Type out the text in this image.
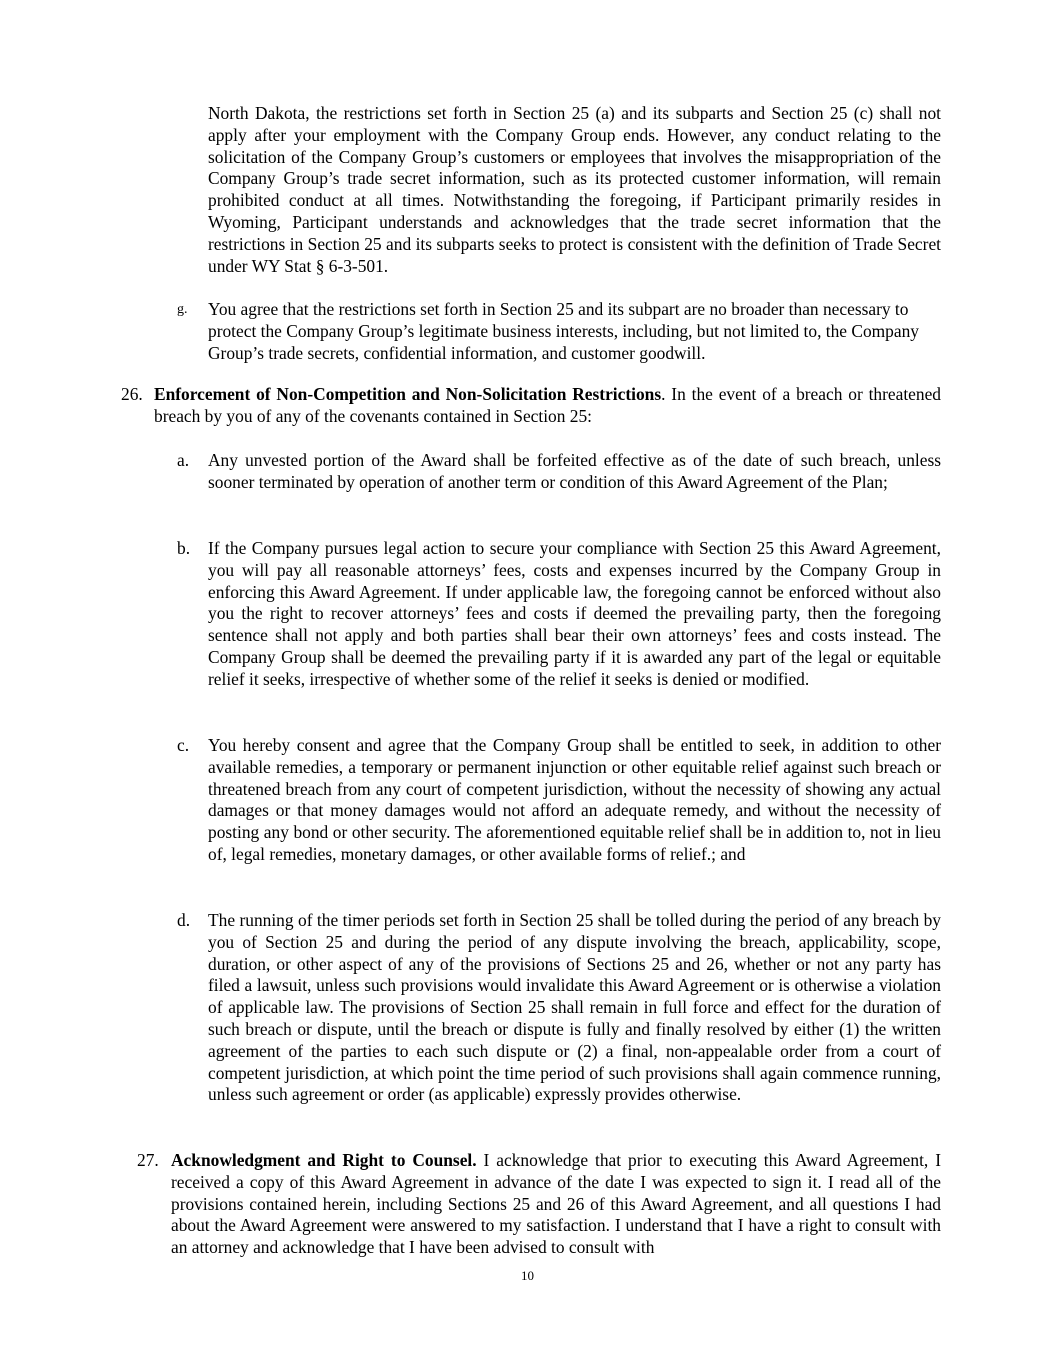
North Dakota, the restrictions set forth in Section 25 (a) and its subparts and Section 25 (c) shall not apply after your employment with the Company Group ends. However, any conduct relating to the solicitation of the Company Group’s customers or employees that involves the misappropriation of the Company Group’s trade secret information, such as its protected customer information, will remain prohibited conduct at all times. Notwithstanding the foregoing, if Participant primarily resides in Wyoming, Participant understands and acknowledges that the trade secret information that the restrictions in Section 25 and its subparts seeks to protect is consistent with the definition of Trade Secret under WY Stat § 6-3-501.

g. You agree that the restrictions set forth in Section 25 and its subpart are no broader than necessary to protect the Company Group’s legitimate business interests, including, but not limited to, the Company Group’s trade secrets, confidential information, and customer goodwill.

26. Enforcement of Non-Competition and Non-Solicitation Restrictions. In the event of a breach or threatened breach by you of any of the covenants contained in Section 25:

a. Any unvested portion of the Award shall be forfeited effective as of the date of such breach, unless sooner terminated by operation of another term or condition of this Award Agreement of the Plan;

b. If the Company pursues legal action to secure your compliance with Section 25 this Award Agreement, you will pay all reasonable attorneys’ fees, costs and expenses incurred by the Company Group in enforcing this Award Agreement. If under applicable law, the foregoing cannot be enforced without also you the right to recover attorneys’ fees and costs if deemed the prevailing party, then the foregoing sentence shall not apply and both parties shall bear their own attorneys’ fees and costs instead. The Company Group shall be deemed the prevailing party if it is awarded any part of the legal or equitable relief it seeks, irrespective of whether some of the relief it seeks is denied or modified.

c. You hereby consent and agree that the Company Group shall be entitled to seek, in addition to other available remedies, a temporary or permanent injunction or other equitable relief against such breach or threatened breach from any court of competent jurisdiction, without the necessity of showing any actual damages or that money damages would not afford an adequate remedy, and without the necessity of posting any bond or other security. The aforementioned equitable relief shall be in addition to, not in lieu of, legal remedies, monetary damages, or other available forms of relief.; and

d. The running of the timer periods set forth in Section 25 shall be tolled during the period of any breach by you of Section 25 and during the period of any dispute involving the breach, applicability, scope, duration, or other aspect of any of the provisions of Sections 25 and 26, whether or not any party has filed a lawsuit, unless such provisions would invalidate this Award Agreement or is otherwise a violation of applicable law. The provisions of Section 25 shall remain in full force and effect for the duration of such breach or dispute, until the breach or dispute is fully and finally resolved by either (1) the written agreement of the parties to each such dispute or (2) a final, non-appealable order from a court of competent jurisdiction, at which point the time period of such provisions shall again commence running, unless such agreement or order (as applicable) expressly provides otherwise.

27. Acknowledgment and Right to Counsel. I acknowledge that prior to executing this Award Agreement, I received a copy of this Award Agreement in advance of the date I was expected to sign it. I read all of the provisions contained herein, including Sections 25 and 26 of this Award Agreement, and all questions I had about the Award Agreement were answered to my satisfaction. I understand that I have a right to consult with an attorney and acknowledge that I have been advised to consult with

10
